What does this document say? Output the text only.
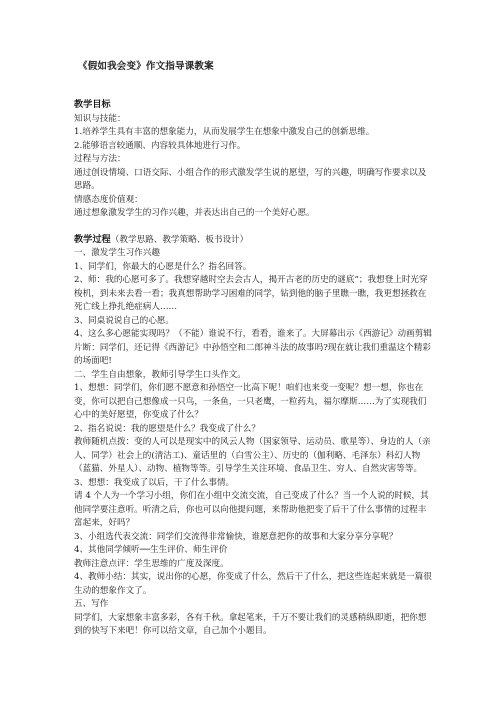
《假如我会变》作文指导课教案

教学目标

知识与技能：

1.培养学生具有丰富的想象能力，从而发展学生在想象中激发自己的创新思维。

2.能够语言较通顺、内容较具体地进行习作。

过程与方法：

通过创设情境、口语交际、小组合作的形式激发学生说的愿望，写的兴趣，明确写作要求以及思路。

情感态度价值观：

通过想象激发学生的习作兴趣，并表达出自己的一个美好心愿。

教学过程（教学思路、教学策略、板书设计）

一、激发学生习作兴趣

1、同学们，你最大的心愿是什么？指名回答。

2、师：我的心愿可多了。我想穿越时空去会古人，揭开古老的历史的谜底”；我想登上时光穿梭机，到未来去看一看；我真想帮助学习困难的同学，钻到他的脑子里瞧一瞧，我更想拯救在死亡线上挣扎绝症病人……

3、同桌说说自己的心愿。

4、这么多心愿能实现吗？（不能）谁说不行，看看，谁来了。大屏幕出示《西游记》动画剪辑片断：同学们，还记得《西游记》中孙悟空和二郎神斗法的故事吗?现在就让我们重温这个精彩的场面吧!

二、学生自由想象，教师引导学生口头作文。

1、想想：同学们，你们愿不愿意和孙悟空一比高下呢！咱们也来变一变呢？想一想，你也在变，你可以把自己想像成一只鸟，一条鱼，一只老鹰，一粒药丸，福尔摩斯……为了实现我们心中的美好愿望，你变成了什么？

2、指名说说：我的愿望是什么？我变成了什么？

教师随机点拨：变的人可以是现实中的风云人物（国家领导、运动员、歌星等）、身边的人（亲人、同学）社会上的(清洁工)、童话里的（白雪公主）、历史的（伽利略、毛泽东）科幻人物（蓝猫、外星人）、动物、植物等等。引导学生关注环境、食品卫生、穷人、自然灾害等等。

3、想想：我变成了以后，干了什么事情。

请 4 个人为一个学习小组，你们在小组中交流交流，自己变成了什么？当一个人说的时候，其他同学要注意听。听清之后，你也可以向他提问题，来帮助他把变了后干了什么事情的过程丰富起来，好吗？

3、小组选代表交流：同学们交流得非常愉快，谁愿意把你的故事和大家分享分享呢？

4、其他同学倾听──生生评价、师生评价

教师注意点评：学生思维的广度及深度。

4、教师小结：其实，说出你的心愿，你变成了什么，然后干了什么，把这些连起来就是一篇很生动的想象作文了。

五、写作

同学们，大家想象丰富多彩，各有千秋。拿起笔来，千万不要让我们的灵感稍纵即逝，把你想到的快写下来吧！你可以给文章，自己加个小题目。
